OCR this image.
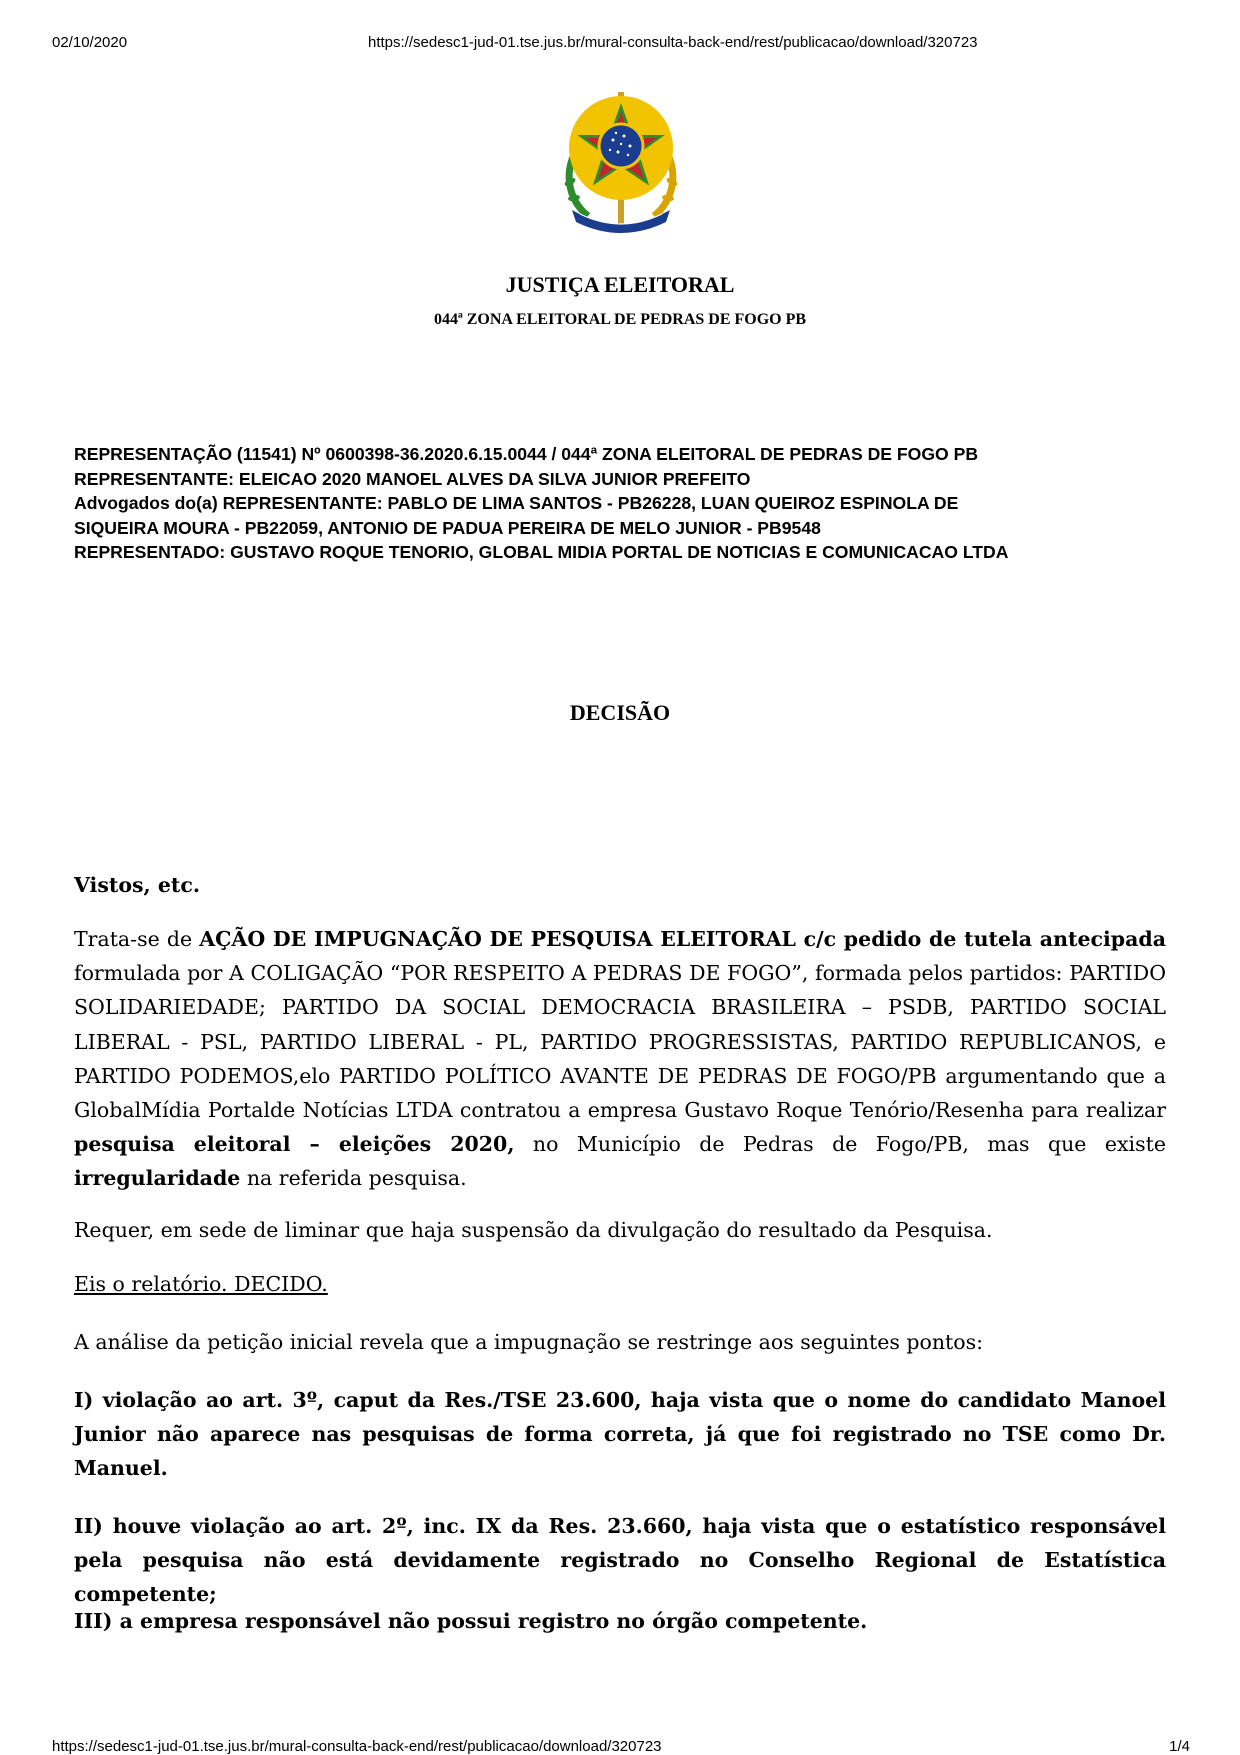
02/10/2020	https://sedesc1-jud-01.tse.jus.br/mural-consulta-back-end/rest/publicacao/download/320723
JUSTIÇA ELEITORAL
044ª ZONA ELEITORAL DE PEDRAS DE FOGO PB
REPRESENTAÇÃO (11541) Nº 0600398-36.2020.6.15.0044 / 044ª ZONA ELEITORAL DE PEDRAS DE FOGO PB
REPRESENTANTE: ELEICAO 2020 MANOEL ALVES DA SILVA JUNIOR PREFEITO
Advogados do(a) REPRESENTANTE: PABLO DE LIMA SANTOS - PB26228, LUAN QUEIROZ ESPINOLA DE
SIQUEIRA MOURA - PB22059, ANTONIO DE PADUA PEREIRA DE MELO JUNIOR - PB9548
REPRESENTADO: GUSTAVO ROQUE TENORIO, GLOBAL MIDIA PORTAL DE NOTICIAS E COMUNICACAO LTDA
DECISÃO

Vistos, etc.

Trata-se de AÇÃO DE IMPUGNAÇÃO DE PESQUISA ELEITORAL c/c pedido de tutela antecipada formulada por A COLIGAÇÃO “POR RESPEITO A PEDRAS DE FOGO”, formada pelos partidos: PARTIDO SOLIDARIEDADE; PARTIDO DA SOCIAL DEMOCRACIA BRASILEIRA – PSDB, PARTIDO SOCIAL LIBERAL - PSL, PARTIDO LIBERAL - PL, PARTIDO PROGRESSISTAS, PARTIDO REPUBLICANOS, e PARTIDO PODEMOS,elo PARTIDO POLÍTICO AVANTE DE PEDRAS DE FOGO/PB argumentando que a GlobalMídia Portalde Notícias LTDA contratou a empresa Gustavo Roque Tenório/Resenha para realizar pesquisa eleitoral – eleições 2020, no Município de Pedras de Fogo/PB, mas que existe irregularidade na referida pesquisa.

Requer, em sede de liminar que haja suspensão da divulgação do resultado da Pesquisa.

Eis o relatório. DECIDO.

A análise da petição inicial revela que a impugnação se restringe aos seguintes pontos:

I) violação ao art. 3º, caput da Res./TSE 23.600, haja vista que o nome do candidato Manoel Junior não aparece nas pesquisas de forma correta, já que foi registrado no TSE como Dr. Manuel.

II) houve violação ao art. 2º, inc. IX da Res. 23.660, haja vista que o estatístico responsável pela pesquisa não está devidamente registrado no Conselho Regional de Estatística competente;

III) a empresa responsável não possui registro no órgão competente.

https://sedesc1-jud-01.tse.jus.br/mural-consulta-back-end/rest/publicacao/download/320723	1/4
